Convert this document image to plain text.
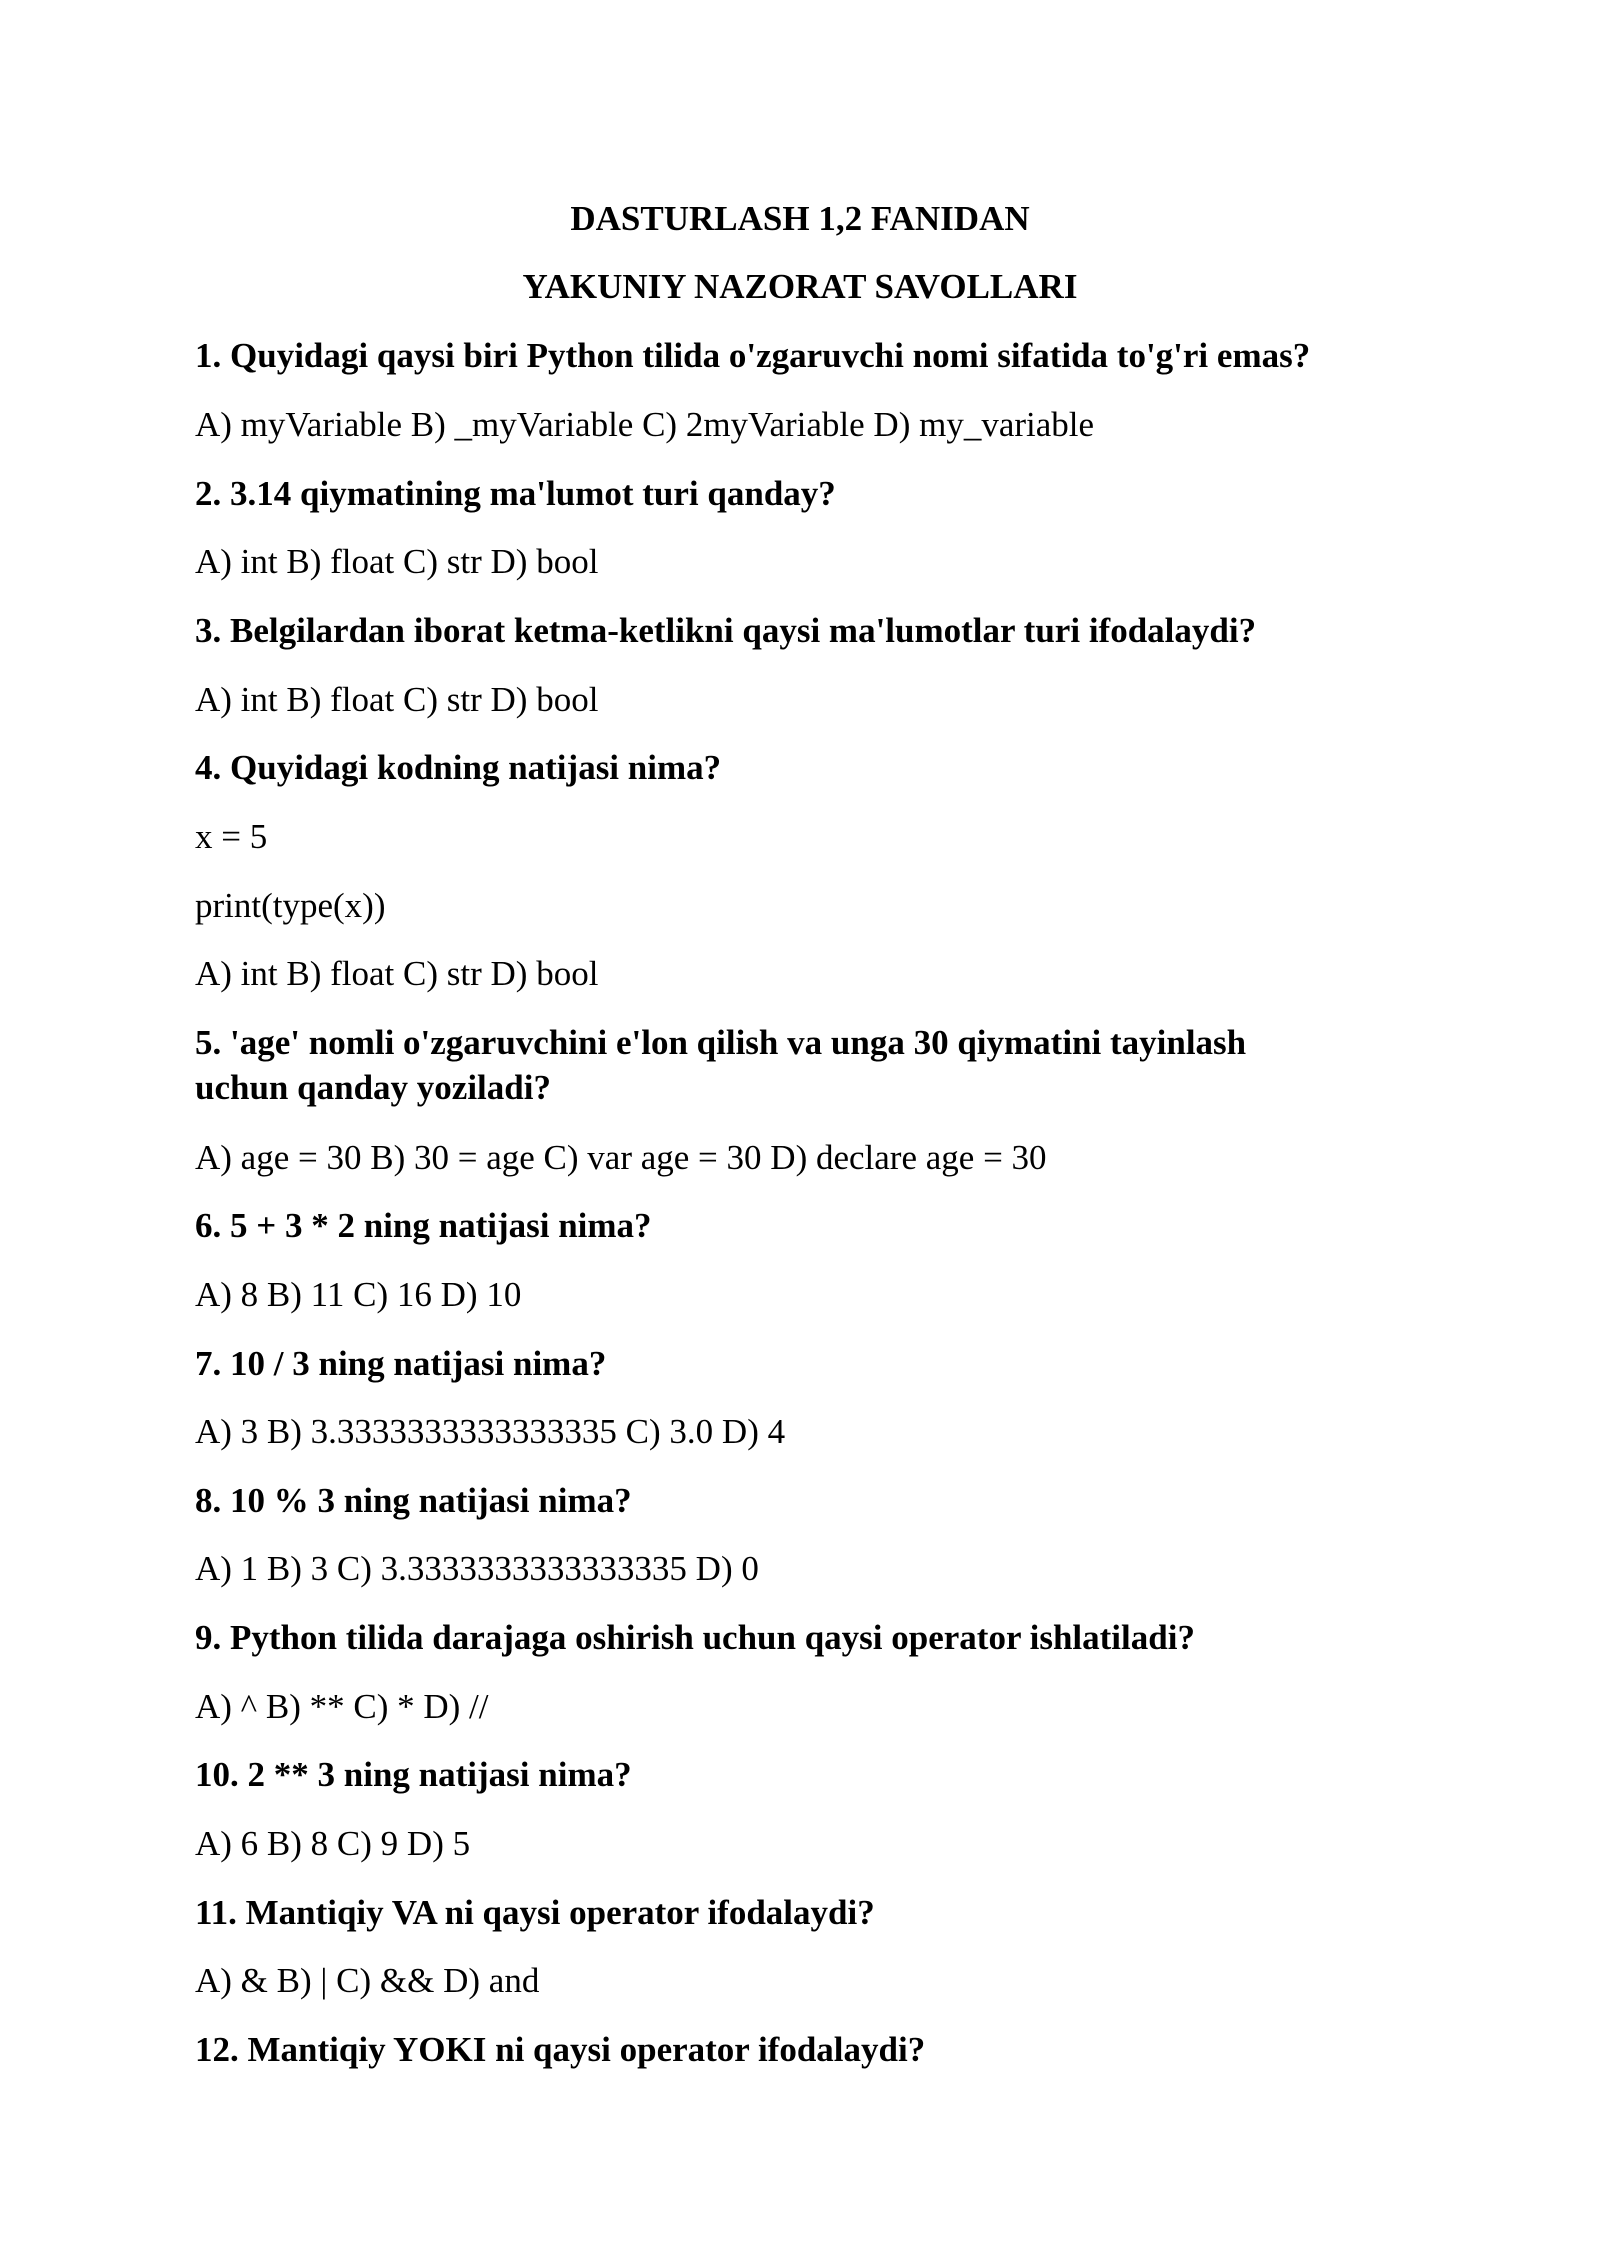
DASTURLASH 1,2 FANIDAN
YAKUNIY NAZORAT SAVOLLARI
1. Quyidagi qaysi biri Python tilida o'zgaruvchi nomi sifatida to'g'ri emas?
A) myVariable B) _myVariable C) 2myVariable D) my_variable
2. 3.14 qiymatining ma'lumot turi qanday?
A) int B) float C) str D) bool
3. Belgilardan iborat ketma-ketlikni qaysi ma'lumotlar turi ifodalaydi?
A) int B) float C) str D) bool
4. Quyidagi kodning natijasi nima?
x = 5
print(type(x))
A) int B) float C) str D) bool
5. 'age' nomli o'zgaruvchini e'lon qilish va unga 30 qiymatini tayinlash
uchun qanday yoziladi?
A) age = 30 B) 30 = age C) var age = 30 D) declare age = 30
6. 5 + 3 * 2 ning natijasi nima?
A) 8 B) 11 C) 16 D) 10
7. 10 / 3 ning natijasi nima?
A) 3 B) 3.3333333333333335 C) 3.0 D) 4
8. 10 % 3 ning natijasi nima?
A) 1 B) 3 C) 3.3333333333333335 D) 0
9. Python tilida darajaga oshirish uchun qaysi operator ishlatiladi?
A) ^ B) ** C) * D) //
10. 2 ** 3 ning natijasi nima?
A) 6 B) 8 C) 9 D) 5
11. Mantiqiy VA ni qaysi operator ifodalaydi?
A) & B) | C) && D) and
12. Mantiqiy YOKI ni qaysi operator ifodalaydi?
